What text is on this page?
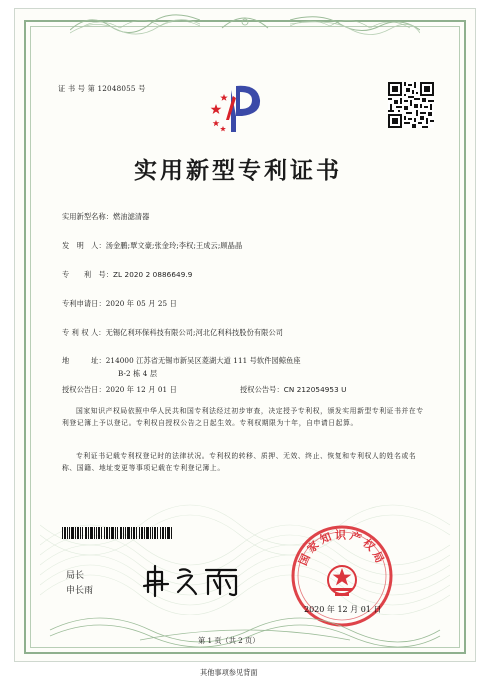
证 书 号 第 12048055 号
实用新型专利证书
实用新型名称：燃油滤清器
发　明　人：汤金鹏;覃文豪;张金玲;李权;王成云;顾晶晶
专　　利　号：ZL 2020 2 0886649.9
专利申请日：2020 年 05 月 25 日
专 利 权 人：无锡亿利环保科技有限公司;河北亿利科技股份有限公司
地　　　址：214000 江苏省无锡市新吴区菱湖大道 111 号软件园鲸鱼座
B-2 栋 4 层
授权公告日：2020 年 12 月 01 日	授权公告号：CN 212054953 U
国家知识产权局依照中华人民共和国专利法经过初步审查，决定授予专利权，颁发实用新型专利证书并在专利登记簿上予以登记。专利权自授权公告之日起生效。专利权期限为十年，自申请日起算。
专利证书记载专利权登记时的法律状况。专利权的转移、质押、无效、终止、恢复和专利权人的姓名或名称、国籍、地址变更等事项记载在专利登记簿上。
局长
申长雨
国家知识产权局
2020 年 12 月 01 日
第 1 页（共 2 页）
其他事项参见背面
